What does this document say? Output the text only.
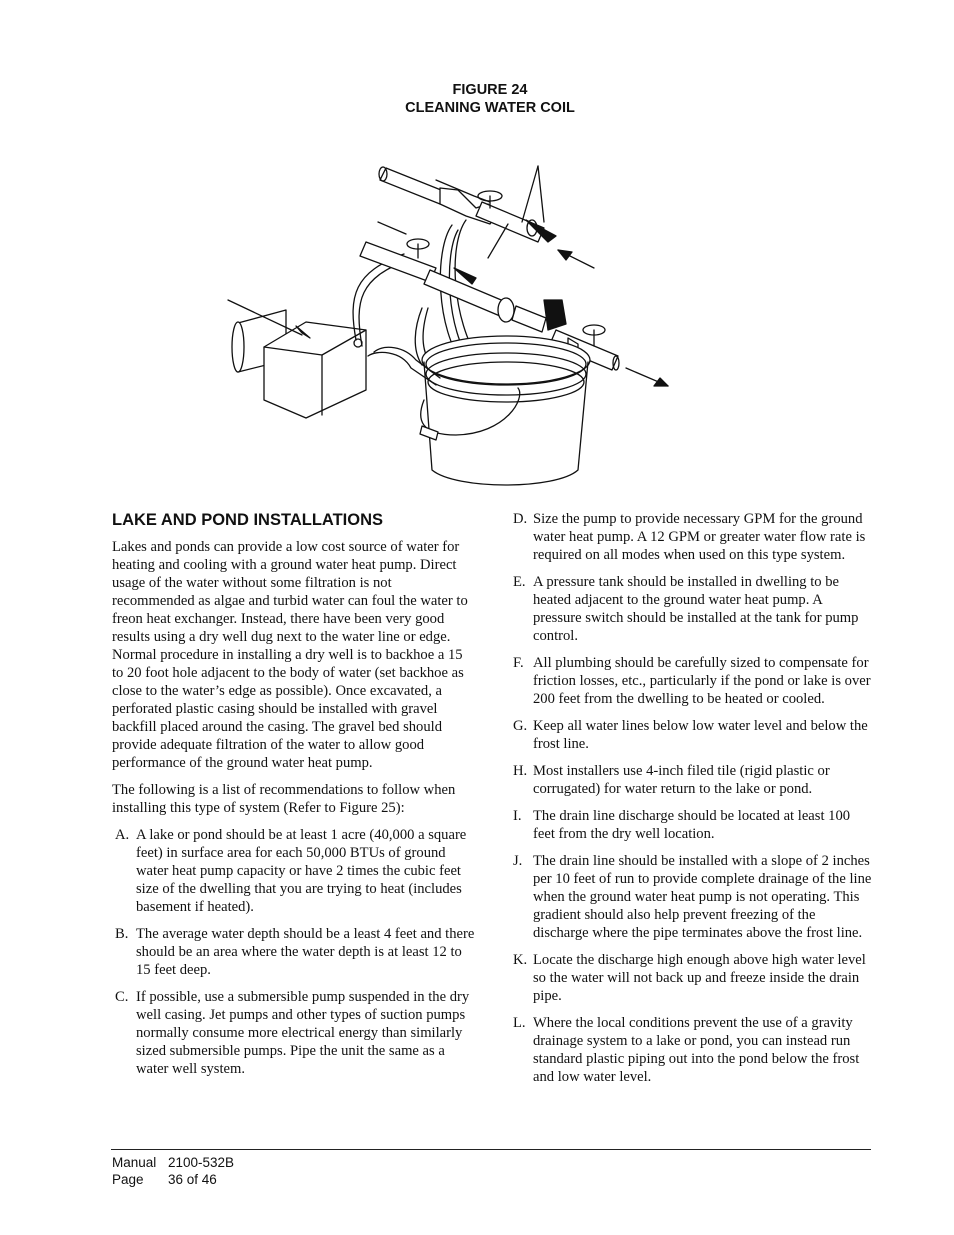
FIGURE 24
CLEANING WATER COIL
LAKE AND POND INSTALLATIONS
Lakes and ponds can provide a low cost source of water for heating and cooling with a ground water heat pump. Direct usage of the water without some filtration is not recommended as algae and turbid water can foul the water to freon heat exchanger. Instead, there have been very good results using a dry well dug next to the water line or edge. Normal procedure in installing a dry well is to backhoe a 15 to 20 foot hole adjacent to the body of water (set backhoe as close to the water’s edge as possible). Once excavated, a perforated plastic casing should be installed with gravel backfill placed around the casing. The gravel bed should provide adequate filtration of the water to allow good performance of the ground water heat pump.
The following is a list of recommendations to follow when installing this type of system (Refer to Figure 25):
A. A lake or pond should be at least 1 acre (40,000 a square feet) in surface area for each 50,000 BTUs of ground water heat pump capacity or have 2 times the cubic feet size of the dwelling that you are trying to heat (includes basement if heated).
B. The average water depth should be a least 4 feet and there should be an area where the water depth is at least 12 to 15 feet deep.
C. If possible, use a submersible pump suspended in the dry well casing. Jet pumps and other types of suction pumps normally consume more electrical energy than similarly sized submersible pumps. Pipe the unit the same as a water well system.
D. Size the pump to provide necessary GPM for the ground water heat pump. A 12 GPM or greater water flow rate is required on all modes when used on this type system.
E. A pressure tank should be installed in dwelling to be heated adjacent to the ground water heat pump. A pressure switch should be installed at the tank for pump control.
F. All plumbing should be carefully sized to compensate for friction losses, etc., particularly if the pond or lake is over 200 feet from the dwelling to be heated or cooled.
G. Keep all water lines below low water level and below the frost line.
H. Most installers use 4-inch filed tile (rigid plastic or corrugated) for water return to the lake or pond.
I. The drain line discharge should be located at least 100 feet from the dry well location.
J. The drain line should be installed with a slope of 2 inches per 10 feet of run to provide complete drainage of the line when the ground water heat pump is not operating. This gradient should also help prevent freezing of the discharge where the pipe terminates above the frost line.
K. Locate the discharge high enough above high water level so the water will not back up and freeze inside the drain pipe.
L. Where the local conditions prevent the use of a gravity drainage system to a lake or pond, you can instead run standard plastic piping out into the pond below the frost and low water level.
Manual 2100-532B
Page	36 of 46
